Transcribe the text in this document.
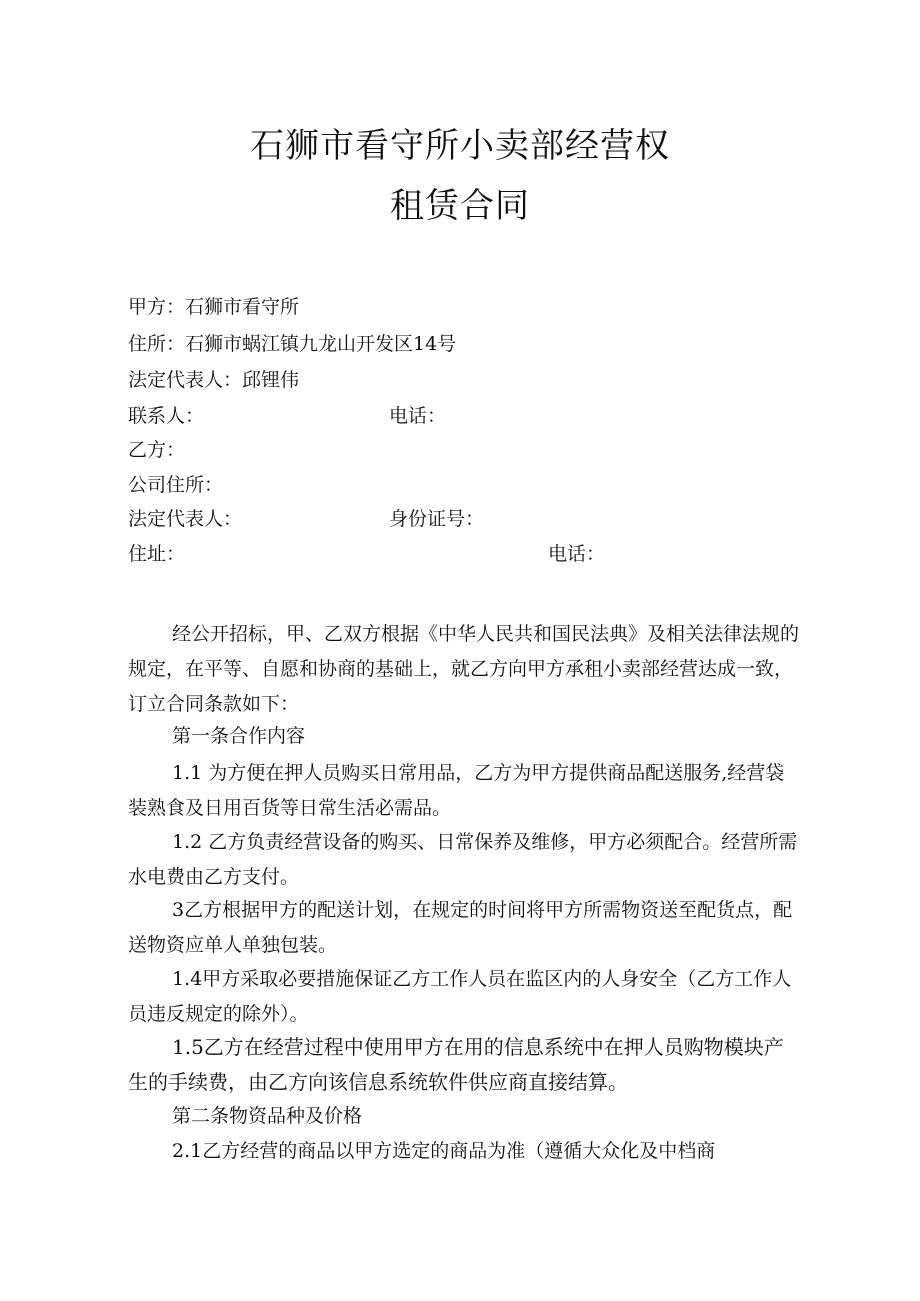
石狮市看守所小卖部经营权
租赁合同
甲方：石狮市看守所
住所：石狮市蜗江镇九龙山开发区14号
法定代表人：邱锂伟
联系人：	电话：
乙方：
公司住所：
法定代表人：	身份证号：
住址：	电话：

经公开招标，甲、乙双方根据《中华人民共和国民法典》及相关法律法规的规定，在平等、自愿和协商的基础上，就乙方向甲方承租小卖部经营达成一致，订立合同条款如下：

第一条合作内容

1.1 为方便在押人员购买日常用品，乙方为甲方提供商品配送服务,经营袋装熟食及日用百货等日常生活必需品。

1.2 乙方负责经营设备的购买、日常保养及维修，甲方必须配合。经营所需水电费由乙方支付。

3乙方根据甲方的配送计划，在规定的时间将甲方所需物资送至配货点，配送物资应单人单独包装。

1.4甲方采取必要措施保证乙方工作人员在监区内的人身安全（乙方工作人员违反规定的除外）。

1.5乙方在经营过程中使用甲方在用的信息系统中在押人员购物模块产生的手续费，由乙方向该信息系统软件供应商直接结算。

第二条物资品种及价格

2.1乙方经营的商品以甲方选定的商品为准（遵循大众化及中档商
